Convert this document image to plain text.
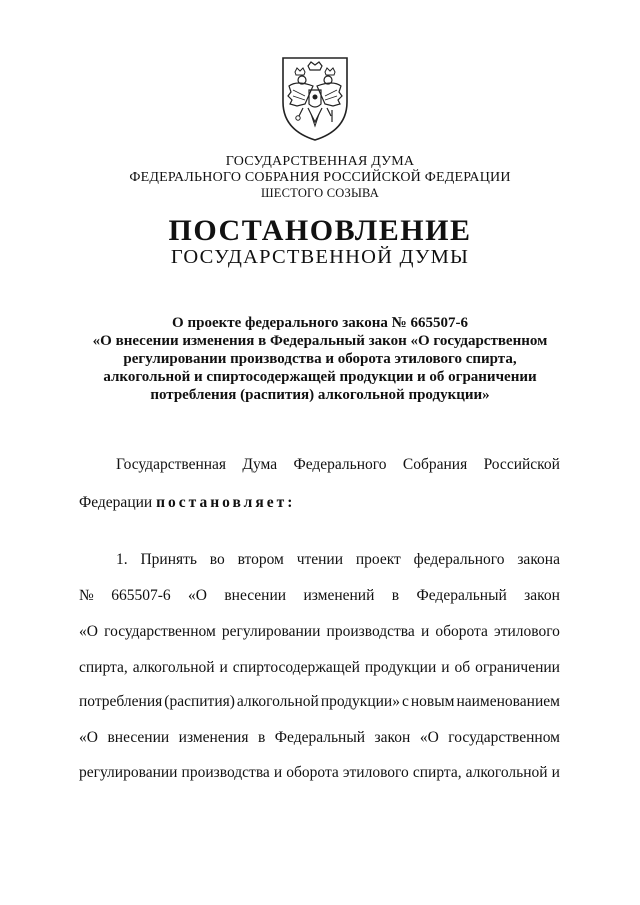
ГОСУДАРСТВЕННАЯ ДУМА
ФЕДЕРАЛЬНОГО СОБРАНИЯ РОССИЙСКОЙ ФЕДЕРАЦИИ
ШЕСТОГО СОЗЫВА
ПОСТАНОВЛЕНИЕ
ГОСУДАРСТВЕННОЙ ДУМЫ
О проекте федерального закона № 665507-6
«О внесении изменения в Федеральный закон «О государственном
регулировании производства и оборота этилового спирта,
алкогольной и спиртосодержащей продукции и об ограничении
потребления (распития) алкогольной продукции»
Государственная Дума Федерального Собрания Российской
Федерации постановляет:
1. Принять во втором чтении проект федерального закона
№ 665507-6 «О внесении изменений в Федеральный закон
«О государственном регулировании производства и оборота этилового
спирта, алкогольной и спиртосодержащей продукции и об ограничении
потребления (распития) алкогольной продукции» с новым наименованием
«О внесении изменения в Федеральный закон «О государственном
регулировании производства и оборота этилового спирта, алкогольной и
